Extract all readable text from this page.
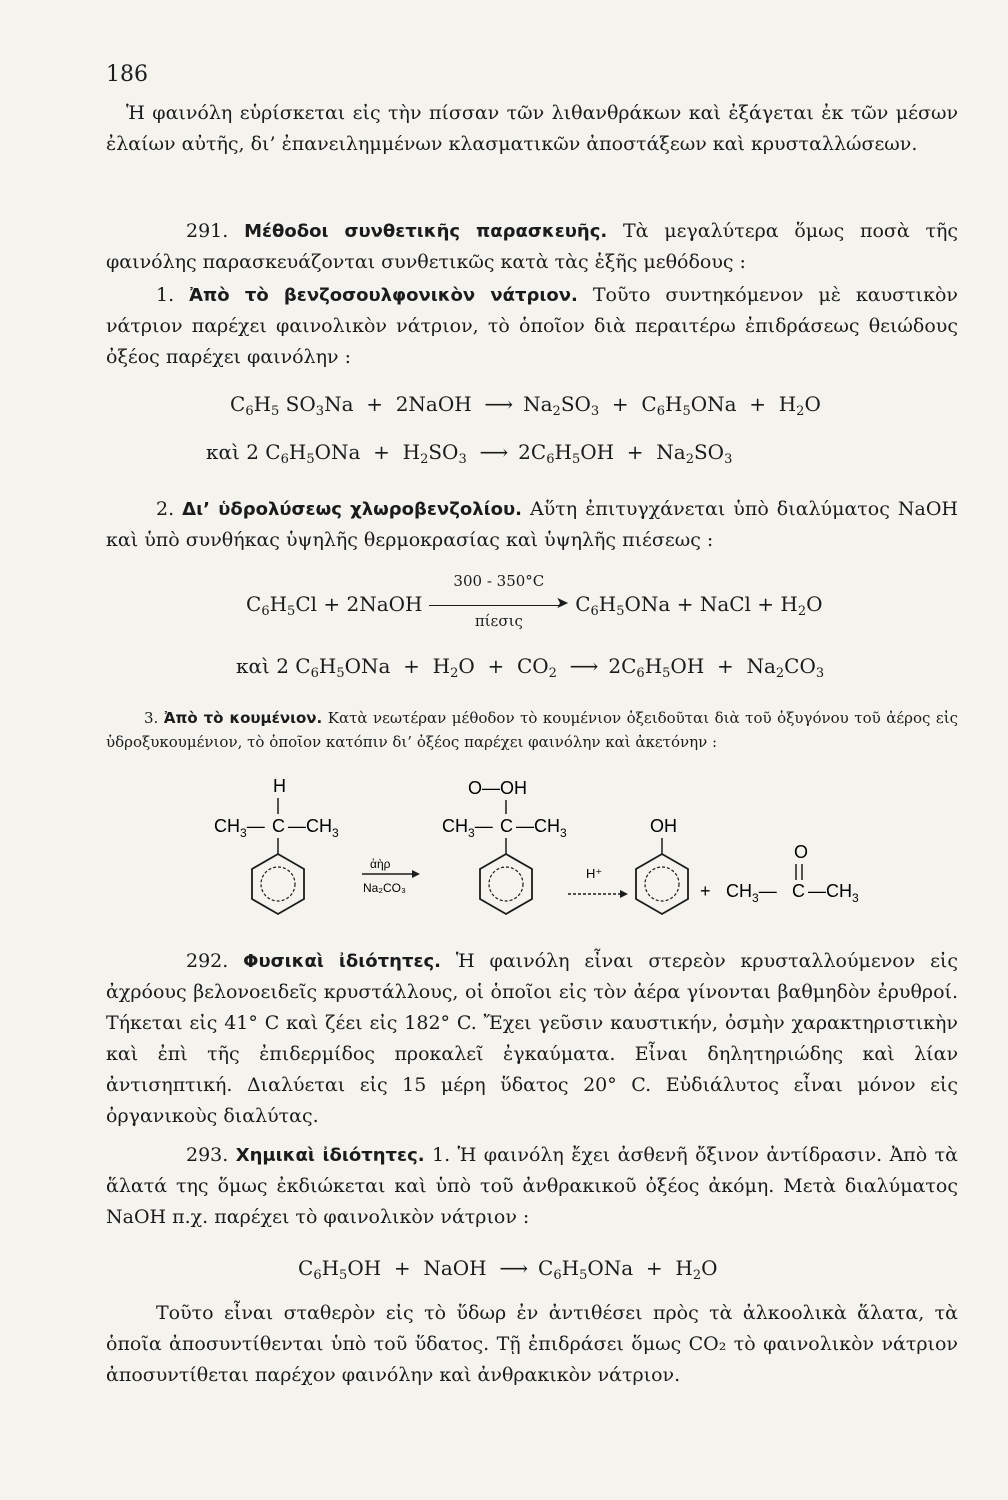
186
Ἡ φαινόλη εὑρίσκεται εἰς τὴν πίσσαν τῶν λιθανθράκων καὶ ἐξάγεται ἐκ τῶν μέσων ἐλαίων αὐτῆς, δι’ ἐπανειλημμένων κλασματικῶν ἀποστάξεων καὶ κρυσταλλώσεων.
291. Μέθοδοι συνθετικῆς παρασκευῆς. Τὰ μεγαλύτερα ὅμως ποσὰ τῆς φαινόλης παρασκευάζονται συνθετικῶς κατὰ τὰς ἑξῆς μεθόδους :
1. Ἀπὸ τὸ βενζοσουλφονικὸν νάτριον. Τοῦτο συντηκόμενον μὲ καυστικὸν νάτριον παρέχει φαινολικὸν νάτριον, τὸ ὁποῖον διὰ περαιτέρω ἐπιδράσεως θειώδους ὀξέος παρέχει φαινόλην :
$C_6H_5$ $SO_3Na$  +  2NaOH  ⟶  $Na_2SO_3 + C_6H_5ONa + H_2O$
καὶ 2 $C_6H_5ONa + H_2SO_3$ ⟶  $2C_6H_5OH + Na_2SO_3$
2. Δι’ ὑδρολύσεως χλωροβενζολίου. Αὕτη ἐπιτυγχάνεται ὑπὸ διαλύματος NaOH καὶ ὑπὸ συνθήκας ὑψηλῆς θερμοκρασίας καὶ ὑψηλῆς πιέσεως :
$C_6H_5Cl$ + 2NaOH
300 - 350°C
➤
πίεσις
$C_6H_5ONa$ + NaCl + $H_2O$
καὶ 2 $C_6H_5ONa + H_2O + CO_2$ ⟶  $2C_6H_5OH + Na_2CO_3$
3. Ἀπὸ τὸ κουμένιον. Κατὰ νεωτέραν μέθοδον τὸ κουμένιον ὀξειδοῦται διὰ τοῦ ὀξυγόνου τοῦ ἀέρος εἰς ὑδροξυκουμένιον, τὸ ὁποῖον κατόπιν δι’ ὀξέος παρέχει φαινόλην καὶ ἀκετόνην :
H
$CH_3—$ C $—CH_3$
ἀὴρ
Na₂CO₃
O—OH
$CH_3—$ C $—CH_3$
H⁺
OH
+
O
$CH_3—$ C $—CH_3$
292. Φυσικαὶ ἰδιότητες. Ἡ φαινόλη εἶναι στερεὸν κρυσταλλούμενον εἰς ἀχρόους βελονοειδεῖς κρυστάλλους, οἱ ὁποῖοι εἰς τὸν ἀέρα γίνονται βαθμηδὸν ἐρυθροί. Τήκεται εἰς 41° C καὶ ζέει εἰς 182° C. Ἔχει γεῦσιν καυστικήν, ὀσμὴν χαρακτηριστικὴν καὶ ἐπὶ τῆς ἐπιδερμίδος προκαλεῖ ἐγκαύματα. Εἶναι δηλητηριώδης καὶ λίαν ἀντισηπτική. Διαλύεται εἰς 15 μέρη ὕδατος 20° C. Εὐδιάλυτος εἶναι μόνον εἰς ὀργανικοὺς διαλύτας.
293. Χημικαὶ ἰδιότητες. 1. Ἡ φαινόλη ἔχει ἀσθενῆ ὄξινον ἀντίδρασιν. Ἀπὸ τὰ ἅλατά της ὅμως ἐκδιώκεται καὶ ὑπὸ τοῦ ἀνθρακικοῦ ὀξέος ἀκόμη. Μετὰ διαλύματος NaOH π.χ. παρέχει τὸ φαινολικὸν νάτριον :
$C_6H_5OH$  +  NaOH  ⟶  $C_6H_5ONa + H_2O$
Τοῦτο εἶναι σταθερὸν εἰς τὸ ὕδωρ ἐν ἀντιθέσει πρὸς τὰ ἀλκοολικὰ ἅλατα, τὰ ὁποῖα ἀποσυντίθενται ὑπὸ τοῦ ὕδατος. Τῇ ἐπιδράσει ὅμως CO₂ τὸ φαινολικὸν νάτριον ἀποσυντίθεται παρέχον φαινόλην καὶ ἀνθρακικὸν νάτριον.
